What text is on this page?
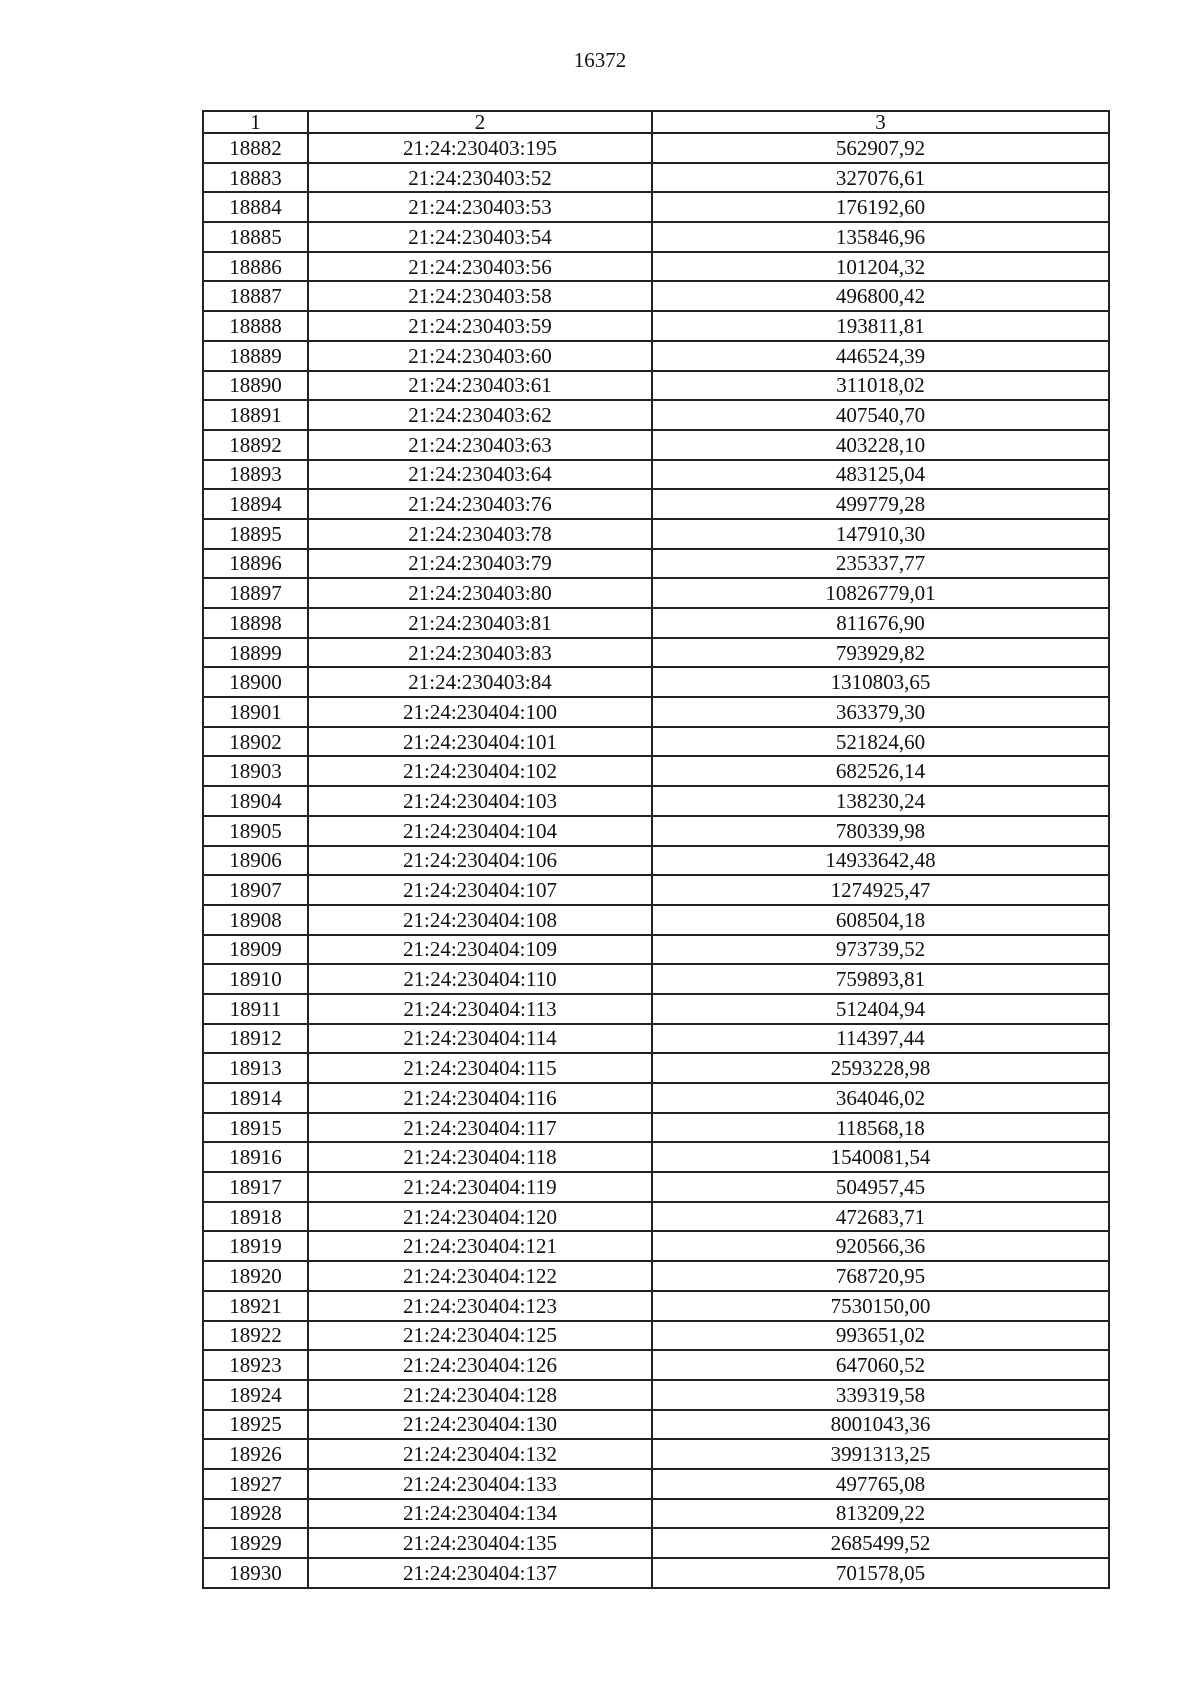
16372
1	2	3
18882	21:24:230403:195	562907,92
18883	21:24:230403:52	327076,61
18884	21:24:230403:53	176192,60
18885	21:24:230403:54	135846,96
18886	21:24:230403:56	101204,32
18887	21:24:230403:58	496800,42
18888	21:24:230403:59	193811,81
18889	21:24:230403:60	446524,39
18890	21:24:230403:61	311018,02
18891	21:24:230403:62	407540,70
18892	21:24:230403:63	403228,10
18893	21:24:230403:64	483125,04
18894	21:24:230403:76	499779,28
18895	21:24:230403:78	147910,30
18896	21:24:230403:79	235337,77
18897	21:24:230403:80	10826779,01
18898	21:24:230403:81	811676,90
18899	21:24:230403:83	793929,82
18900	21:24:230403:84	1310803,65
18901	21:24:230404:100	363379,30
18902	21:24:230404:101	521824,60
18903	21:24:230404:102	682526,14
18904	21:24:230404:103	138230,24
18905	21:24:230404:104	780339,98
18906	21:24:230404:106	14933642,48
18907	21:24:230404:107	1274925,47
18908	21:24:230404:108	608504,18
18909	21:24:230404:109	973739,52
18910	21:24:230404:110	759893,81
18911	21:24:230404:113	512404,94
18912	21:24:230404:114	114397,44
18913	21:24:230404:115	2593228,98
18914	21:24:230404:116	364046,02
18915	21:24:230404:117	118568,18
18916	21:24:230404:118	1540081,54
18917	21:24:230404:119	504957,45
18918	21:24:230404:120	472683,71
18919	21:24:230404:121	920566,36
18920	21:24:230404:122	768720,95
18921	21:24:230404:123	7530150,00
18922	21:24:230404:125	993651,02
18923	21:24:230404:126	647060,52
18924	21:24:230404:128	339319,58
18925	21:24:230404:130	8001043,36
18926	21:24:230404:132	3991313,25
18927	21:24:230404:133	497765,08
18928	21:24:230404:134	813209,22
18929	21:24:230404:135	2685499,52
18930	21:24:230404:137	701578,05
